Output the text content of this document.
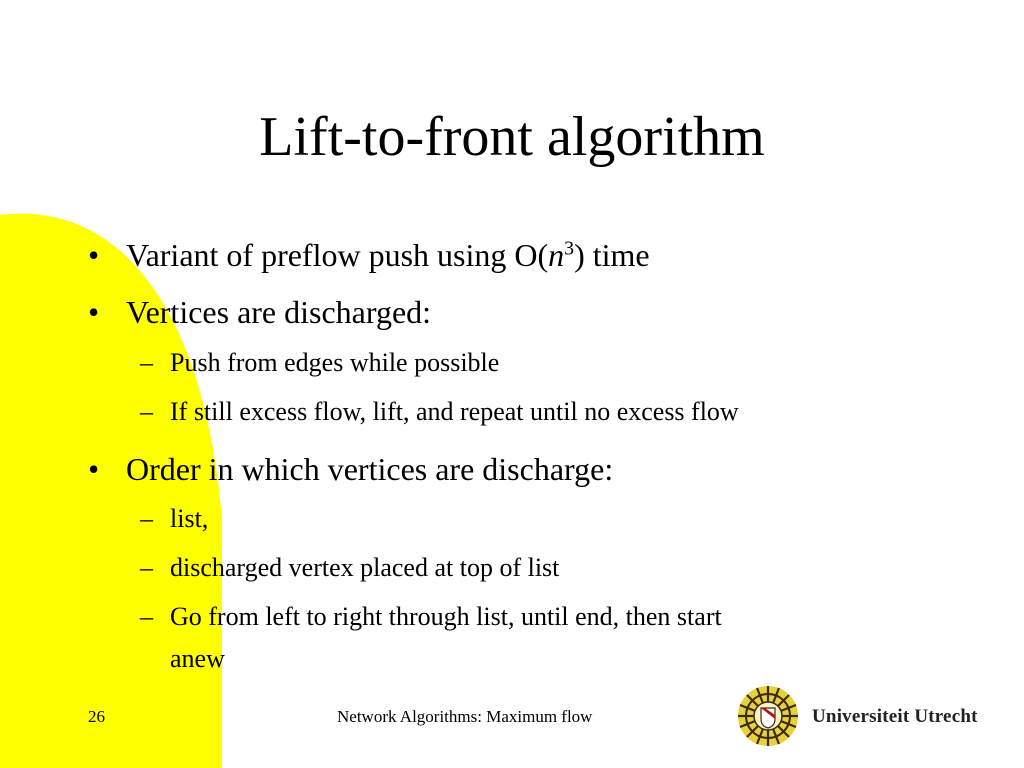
Lift-to-front algorithm
• Variant of preflow push using $O(n^3)$ time
• Vertices are discharged:
– Push from edges while possible
– If still excess flow, lift, and repeat until no excess flow
• Order in which vertices are discharge:
– list,
– discharged vertex placed at top of list
– Go from left to right through list, until end, then start
anew
26	Network Algorithms: Maximum flow	Universiteit Utrecht
